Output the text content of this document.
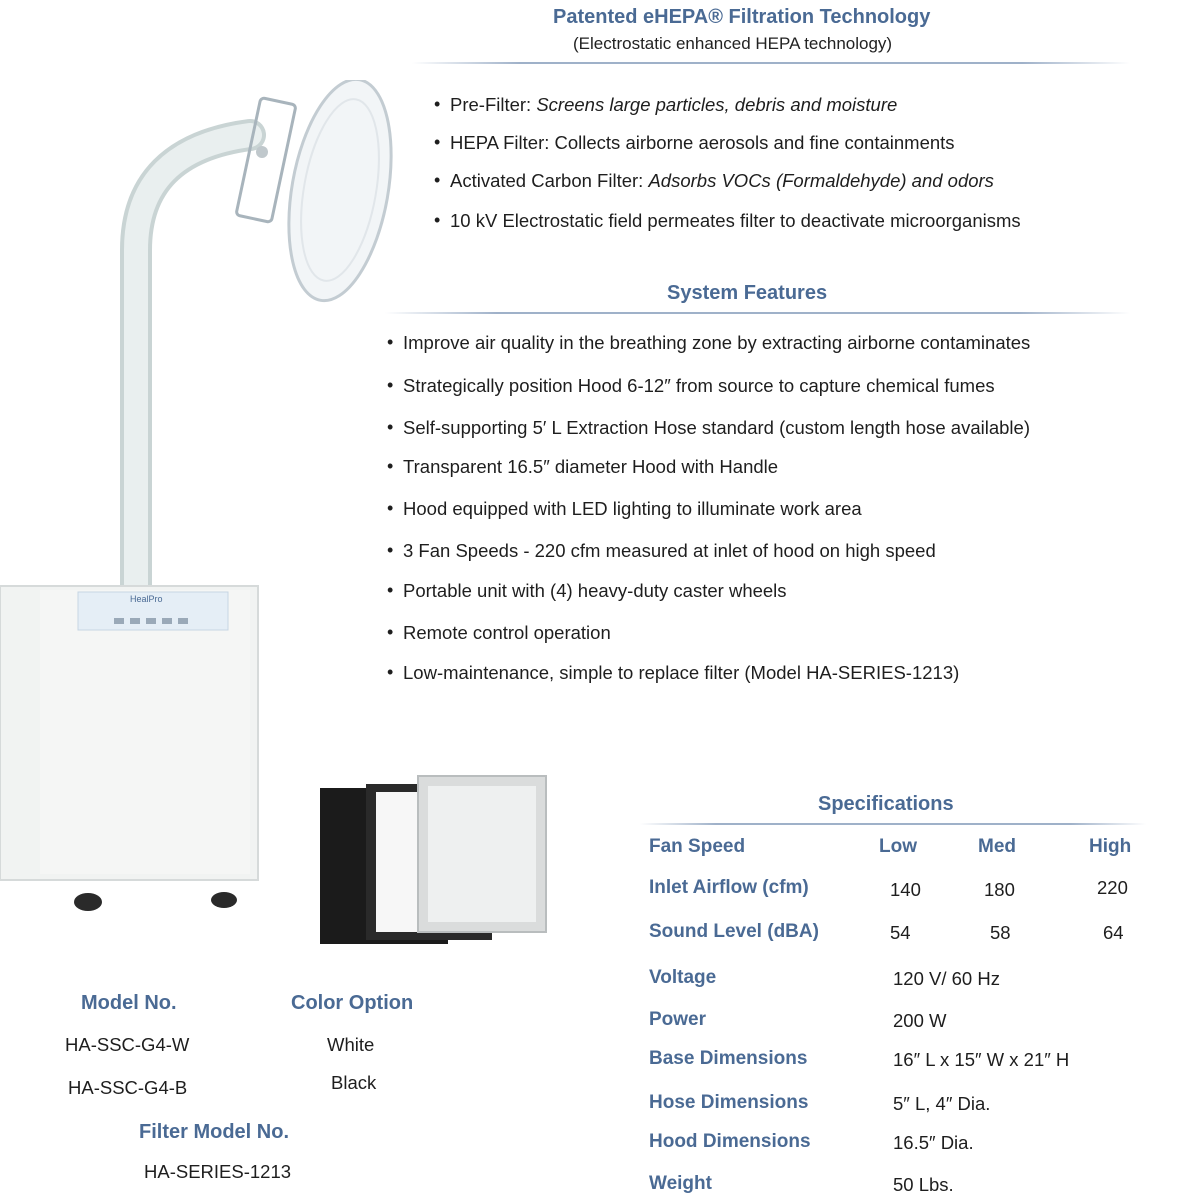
HealPro
Patented eHEPA® Filtration Technology
(Electrostatic enhanced HEPA technology)
• Pre-Filter: Screens large particles, debris and moisture
• HEPA Filter: Collects airborne aerosols and fine containments
• Activated Carbon Filter: Adsorbs VOCs (Formaldehyde) and odors
• 10 kV Electrostatic field permeates filter to deactivate microorganisms
System Features
• Improve air quality in the breathing zone by extracting airborne contaminates
• Strategically position Hood 6-12″ from source to capture chemical fumes
• Self-supporting 5′ L Extraction Hose standard (custom length hose available)
• Transparent 16.5″ diameter Hood with Handle
• Hood equipped with LED lighting to illuminate work area
• 3 Fan Speeds - 220 cfm measured at inlet of hood on high speed
• Portable unit with (4) heavy-duty caster wheels
• Remote control operation
• Low-maintenance, simple to replace filter (Model HA-SERIES-1213)
Specifications
Fan Speed	Low	Med	High
Inlet Airflow (cfm)	140	180	220
Sound Level (dBA)	54	58	64
Voltage	120 V/ 60 Hz
Power	200 W
Base Dimensions	16″ L x 15″ W x 21″ H
Hose Dimensions	5″ L, 4″ Dia.
Hood Dimensions	16.5″ Dia.
Weight	50 Lbs.
Model No.	Color Option
HA-SSC-G4-W	White
HA-SSC-G4-B	Black
Filter Model No.
HA-SERIES-1213
